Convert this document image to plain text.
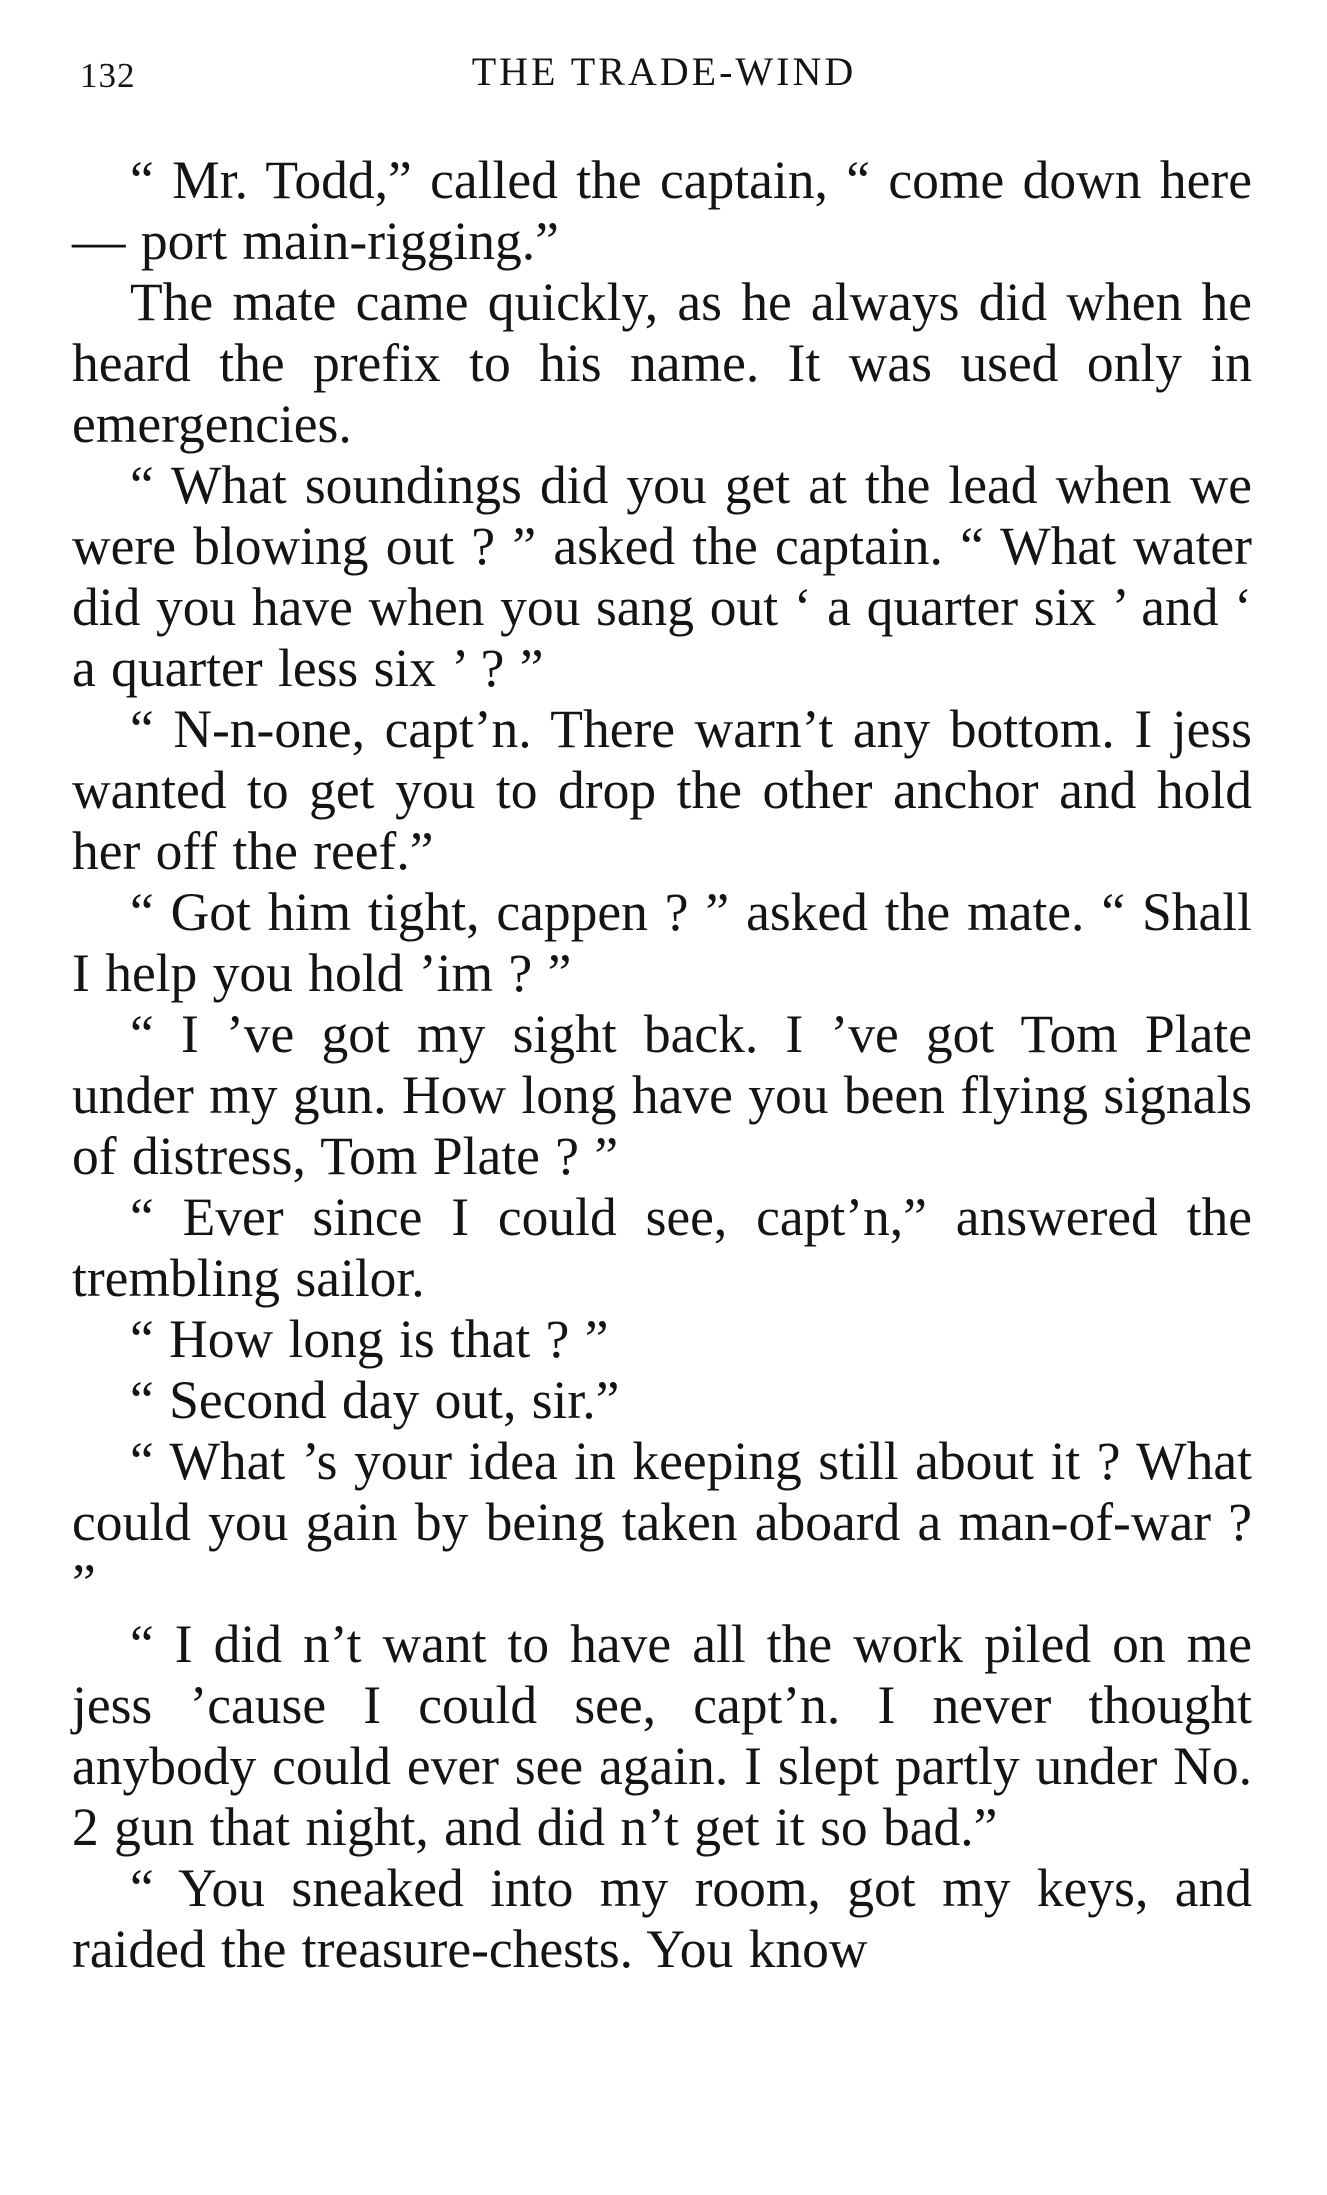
132	THE TRADE-WIND

“ Mr. Todd,” called the captain, “ come down here — port main-rigging.”

The mate came quickly, as he always did when he heard the prefix to his name. It was used only in emergencies.

“ What soundings did you get at the lead when we were blowing out ? ” asked the captain. “ What water did you have when you sang out ‘ a quarter six ’ and ‘ a quarter less six ’ ? ”

“ N-n-one, capt’n. There warn’t any bottom. I jess wanted to get you to drop the other anchor and hold her off the reef.”

“ Got him tight, cappen ? ” asked the mate. “ Shall I help you hold ’im ? ”

“ I ’ve got my sight back. I ’ve got Tom Plate under my gun. How long have you been flying signals of distress, Tom Plate ? ”

“ Ever since I could see, capt’n,” answered the trembling sailor.

“ How long is that ? ”

“ Second day out, sir.”

“ What ’s your idea in keeping still about it ? What could you gain by being taken aboard a man-of-war ? ”

“ I did n’t want to have all the work piled on me jess ’cause I could see, capt’n. I never thought anybody could ever see again. I slept partly under No. 2 gun that night, and did n’t get it so bad.”

“ You sneaked into my room, got my keys, and raided the treasure-chests. You know
